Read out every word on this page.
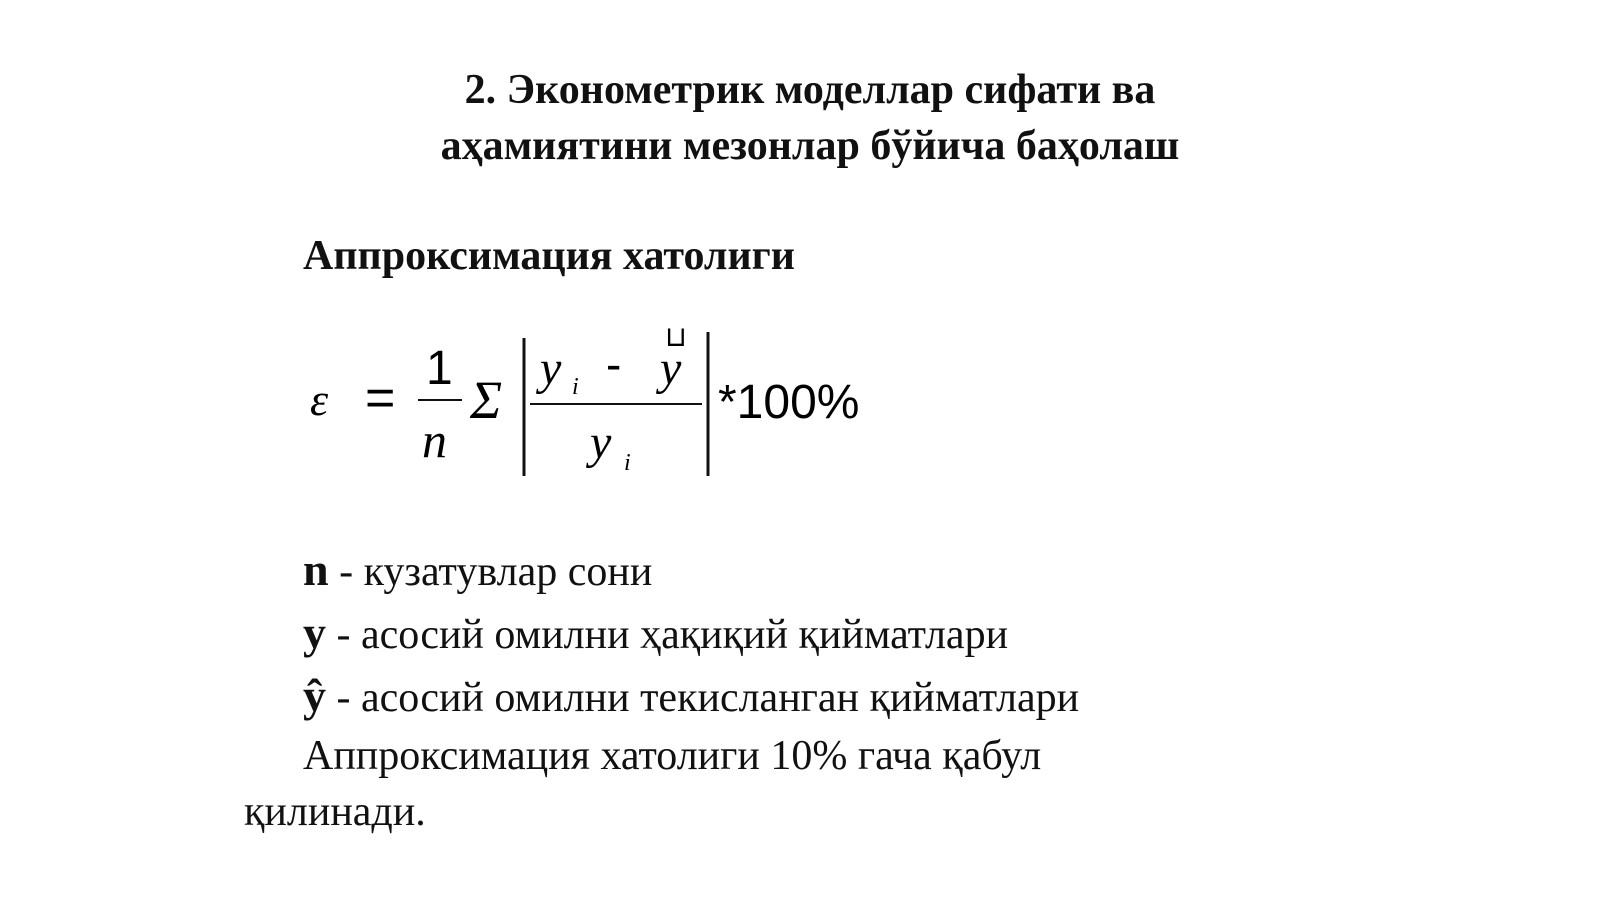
2. Эконометрик моделлар сифати ва
аҳамиятини мезонлар бўйича баҳолаш
Аппроксимация хатолиги
ε =
1
n
Σ
y i - y
⊔
y i
*100%
n - кузатувлар сони
y - асосий омилни ҳақиқий қийматлари
ŷ - асосий омилни текисланган қийматлари
Аппроксимация хатолиги 10% гача қабул
қилинади.
